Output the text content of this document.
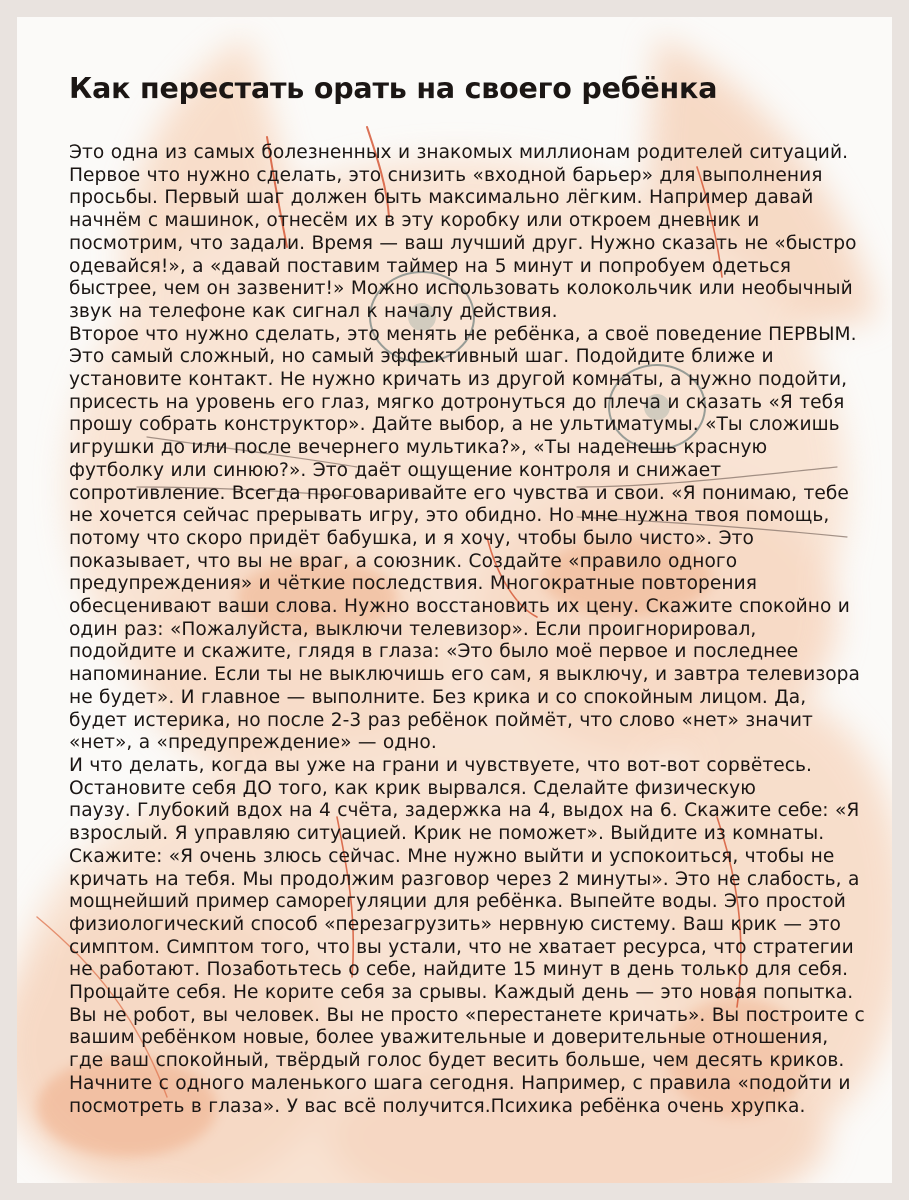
Как перестать орать на своего ребёнка
Это одна из самых болезненных и знакомых миллионам родителей ситуаций.
Первое что нужно сделать, это снизить «входной барьер» для выполнения
просьбы. Первый шаг должен быть максимально лёгким. Например давай
начнём с машинок, отнесём их в эту коробку или откроем дневник и
посмотрим, что задали. Время — ваш лучший друг. Нужно сказать не «быстро
одевайся!», а «давай поставим таймер на 5 минут и попробуем одеться
быстрее, чем он зазвенит!» Можно использовать колокольчик или необычный
звук на телефоне как сигнал к началу действия.
Второе что нужно сделать, это менять не ребёнка, а своё поведение ПЕРВЫМ.
Это самый сложный, но самый эффективный шаг. Подойдите ближе и
установите контакт. Не нужно кричать из другой комнаты, а нужно подойти,
присесть на уровень его глаз, мягко дотронуться до плеча и сказать «Я тебя
прошу собрать конструктор». Дайте выбор, а не ультиматумы. «Ты сложишь
игрушки до или после вечернего мультика?», «Ты наденешь красную
футболку или синюю?». Это даёт ощущение контроля и снижает
сопротивление. Всегда проговаривайте его чувства и свои. «Я понимаю, тебе
не хочется сейчас прерывать игру, это обидно. Но мне нужна твоя помощь,
потому что скоро придёт бабушка, и я хочу, чтобы было чисто». Это
показывает, что вы не враг, а союзник. Создайте «правило одного
предупреждения» и чёткие последствия. Многократные повторения
обесценивают ваши слова. Нужно восстановить их цену. Скажите спокойно и
один раз: «Пожалуйста, выключи телевизор». Если проигнорировал,
подойдите и скажите, глядя в глаза: «Это было моё первое и последнее
напоминание. Если ты не выключишь его сам, я выключу, и завтра телевизора
не будет». И главное — выполните. Без крика и со спокойным лицом. Да,
будет истерика, но после 2-3 раз ребёнок поймёт, что слово «нет» значит
«нет», а «предупреждение» — одно.
И что делать, когда вы уже на грани и чувствуете, что вот-вот сорвётесь.
Остановите себя ДО того, как крик вырвался. Сделайте физическую
паузу. Глубокий вдох на 4 счёта, задержка на 4, выдох на 6. Скажите себе: «Я
взрослый. Я управляю ситуацией. Крик не поможет». Выйдите из комнаты.
Скажите: «Я очень злюсь сейчас. Мне нужно выйти и успокоиться, чтобы не
кричать на тебя. Мы продолжим разговор через 2 минуты». Это не слабость, а
мощнейший пример саморегуляции для ребёнка. Выпейте воды. Это простой
физиологический способ «перезагрузить» нервную систему. Ваш крик — это
симптом. Симптом того, что вы устали, что не хватает ресурса, что стратегии
не работают. Позаботьтесь о себе, найдите 15 минут в день только для себя.
Прощайте себя. Не корите себя за срывы. Каждый день — это новая попытка.
Вы не робот, вы человек. Вы не просто «перестанете кричать». Вы построите с
вашим ребёнком новые, более уважительные и доверительные отношения,
где ваш спокойный, твёрдый голос будет весить больше, чем десять криков.
Начните с одного маленького шага сегодня. Например, с правила «подойти и
посмотреть в глаза». У вас всё получится.Психика ребёнка очень хрупка.
